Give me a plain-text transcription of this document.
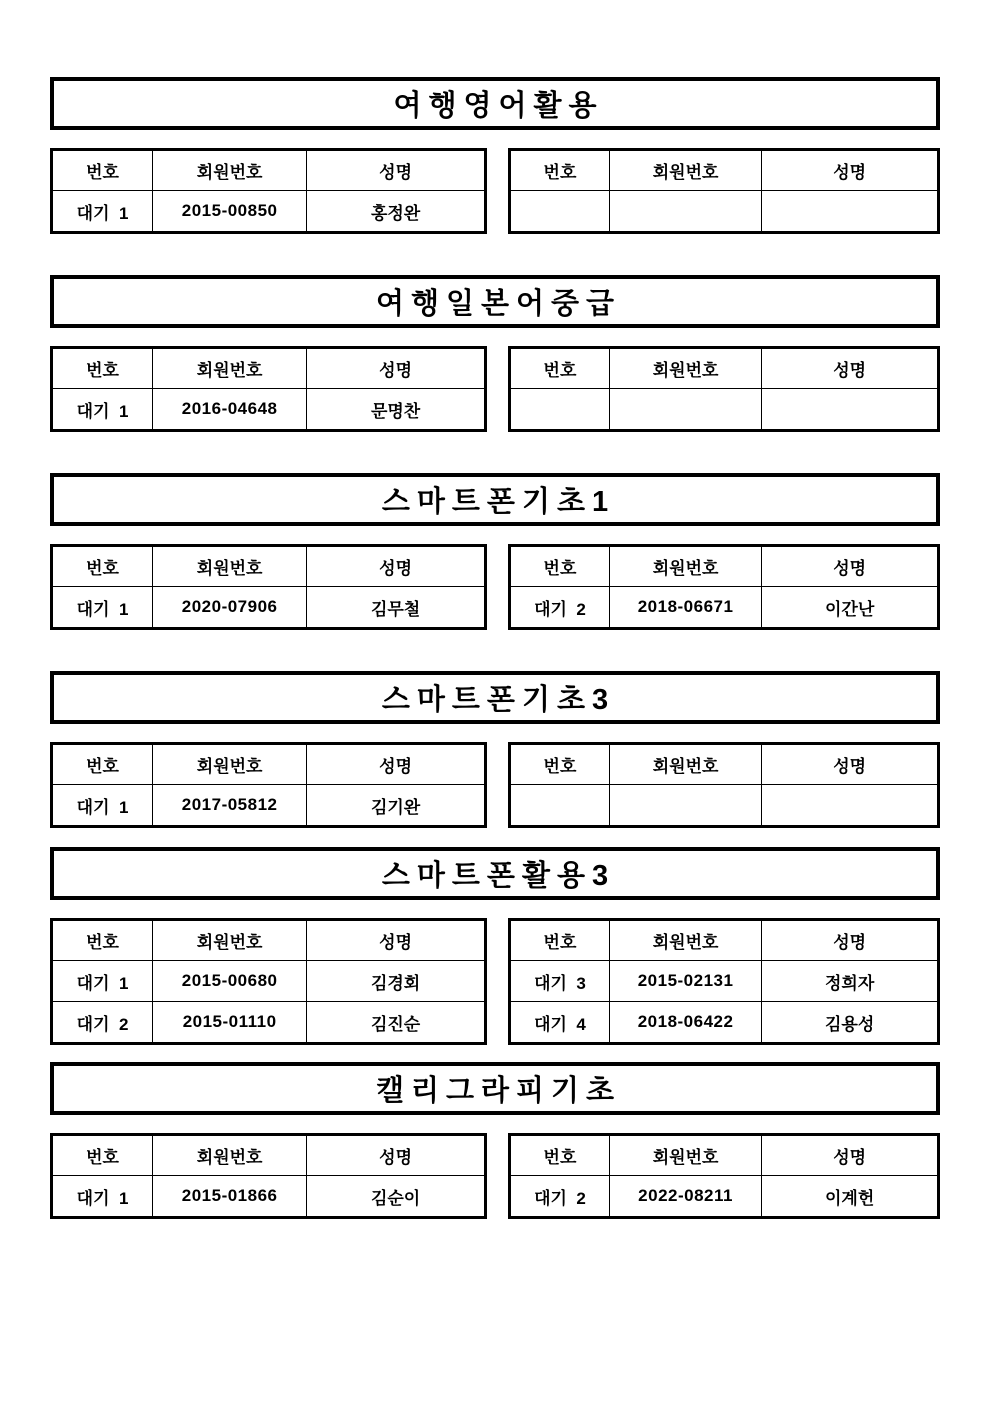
여행영어활용
번호	회원번호	성명
대기  1	2015-00850	홍정완
번호	회원번호	성명

여행일본어중급
번호	회원번호	성명
대기  1	2016-04648	문명찬
번호	회원번호	성명

스마트폰기초1
번호	회원번호	성명
대기  1	2020-07906	김무철
번호	회원번호	성명
대기  2	2018-06671	이간난
스마트폰기초3
번호	회원번호	성명
대기  1	2017-05812	김기완
번호	회원번호	성명

스마트폰활용3
번호	회원번호	성명
대기  1	2015-00680	김경회
대기  2	2015-01110	김진순
번호	회원번호	성명
대기  3	2015-02131	정희자
대기  4	2018-06422	김용성
캘리그라피기초
번호	회원번호	성명
대기  1	2015-01866	김순이
번호	회원번호	성명
대기  2	2022-08211	이계헌
